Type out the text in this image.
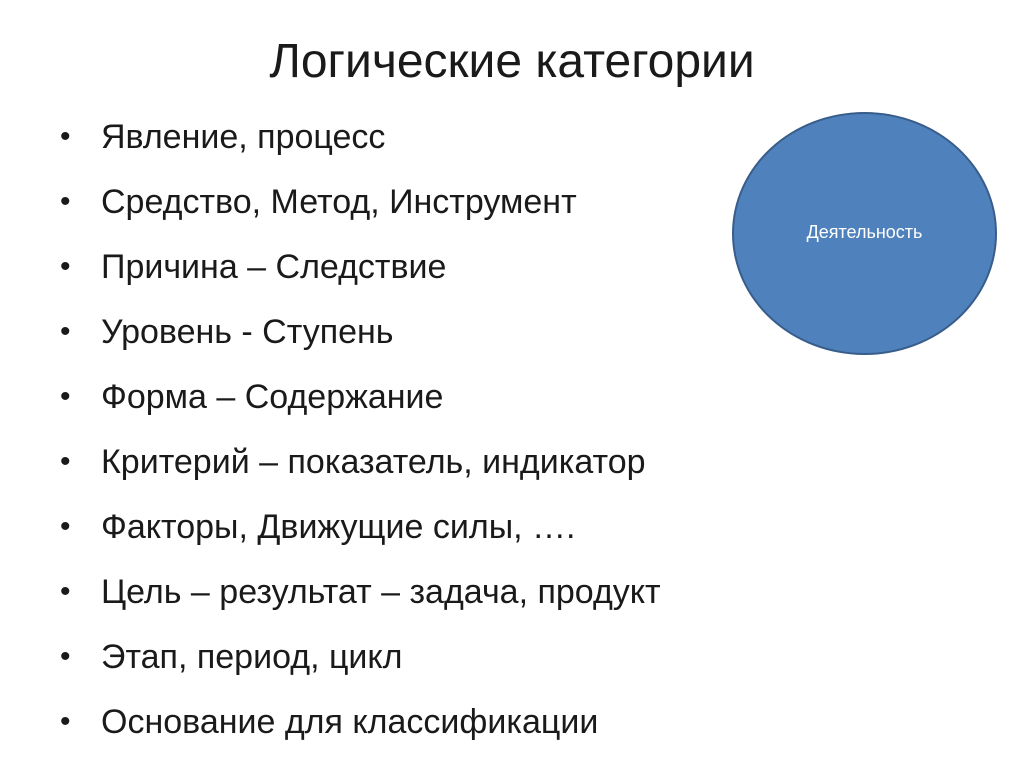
Логические категории
• Явление, процесс
• Средство, Метод, Инструмент
• Причина – Следствие
• Уровень - Ступень
• Форма – Содержание
• Критерий – показатель, индикатор
• Факторы, Движущие силы, ….
• Цель – результат – задача, продукт
• Этап, период, цикл
• Основание для классификации
Деятельность
